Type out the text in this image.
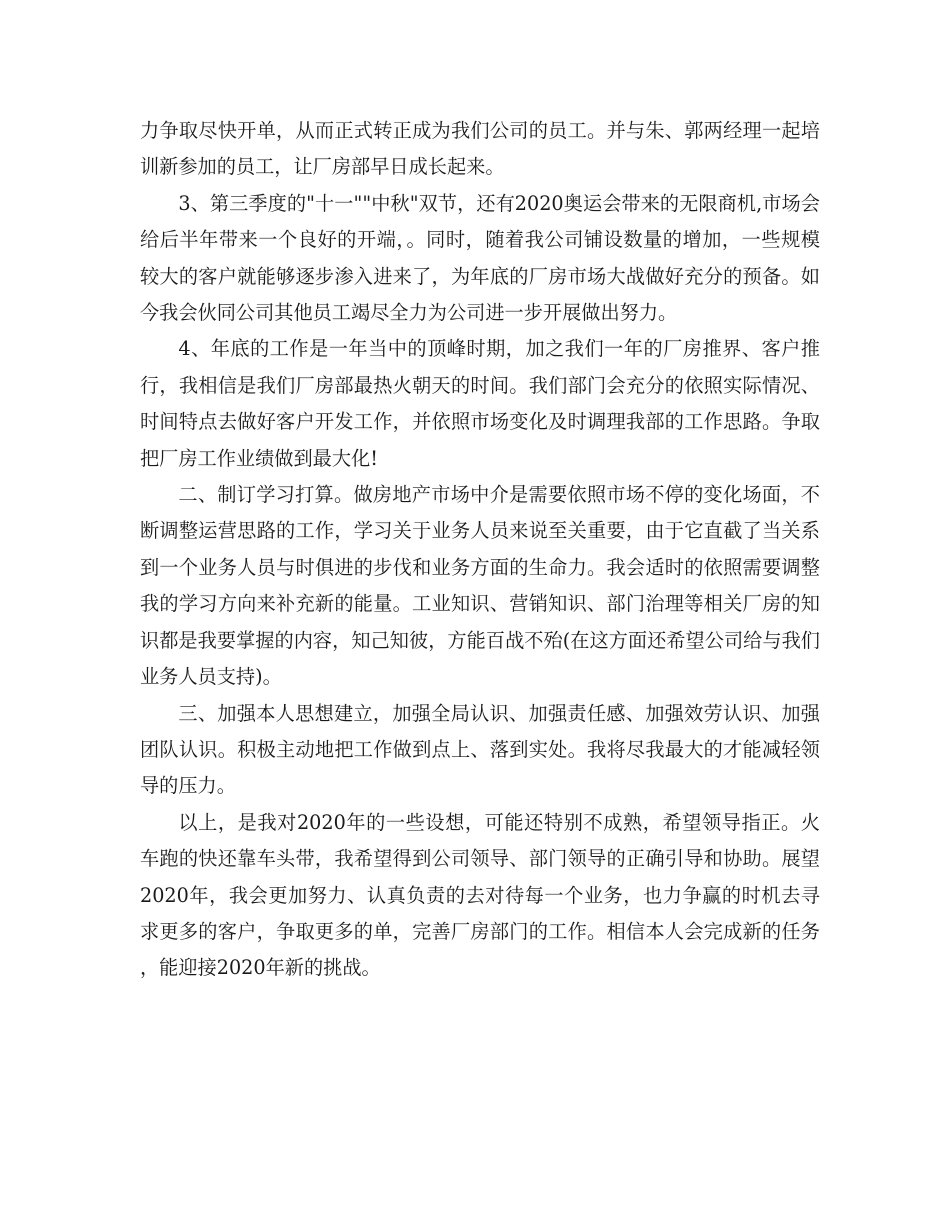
力争取尽快开单，从而正式转正成为我们公司的员工。并与朱、郭两经理一起培训新参加的员工，让厂房部早日成长起来。

3、第三季度的"十一""中秋"双节，还有2020奥运会带来的无限商机,市场会给后半年带来一个良好的开端，。同时，随着我公司铺设数量的增加，一些规模较大的客户就能够逐步渗入进来了，为年底的厂房市场大战做好充分的预备。如今我会伙同公司其他员工竭尽全力为公司进一步开展做出努力。

4、年底的工作是一年当中的顶峰时期，加之我们一年的厂房推界、客户推行，我相信是我们厂房部最热火朝天的时间。我们部门会充分的依照实际情况、时间特点去做好客户开发工作，并依照市场变化及时调理我部的工作思路。争取把厂房工作业绩做到最大化!

二、制订学习打算。做房地产市场中介是需要依照市场不停的变化场面，不断调整运营思路的工作，学习关于业务人员来说至关重要，由于它直截了当关系到一个业务人员与时俱进的步伐和业务方面的生命力。我会适时的依照需要调整我的学习方向来补充新的能量。工业知识、营销知识、部门治理等相关厂房的知识都是我要掌握的内容，知己知彼，方能百战不殆(在这方面还希望公司给与我们业务人员支持)。

三、加强本人思想建立，加强全局认识、加强责任感、加强效劳认识、加强团队认识。积极主动地把工作做到点上、落到实处。我将尽我最大的才能减轻领导的压力。

以上，是我对2020年的一些设想，可能还特别不成熟，希望领导指正。火车跑的快还靠车头带，我希望得到公司领导、部门领导的正确引导和协助。展望2020年，我会更加努力、认真负责的去对待每一个业务，也力争赢的时机去寻求更多的客户，争取更多的单，完善厂房部门的工作。相信本人会完成新的任务，能迎接2020年新的挑战。
